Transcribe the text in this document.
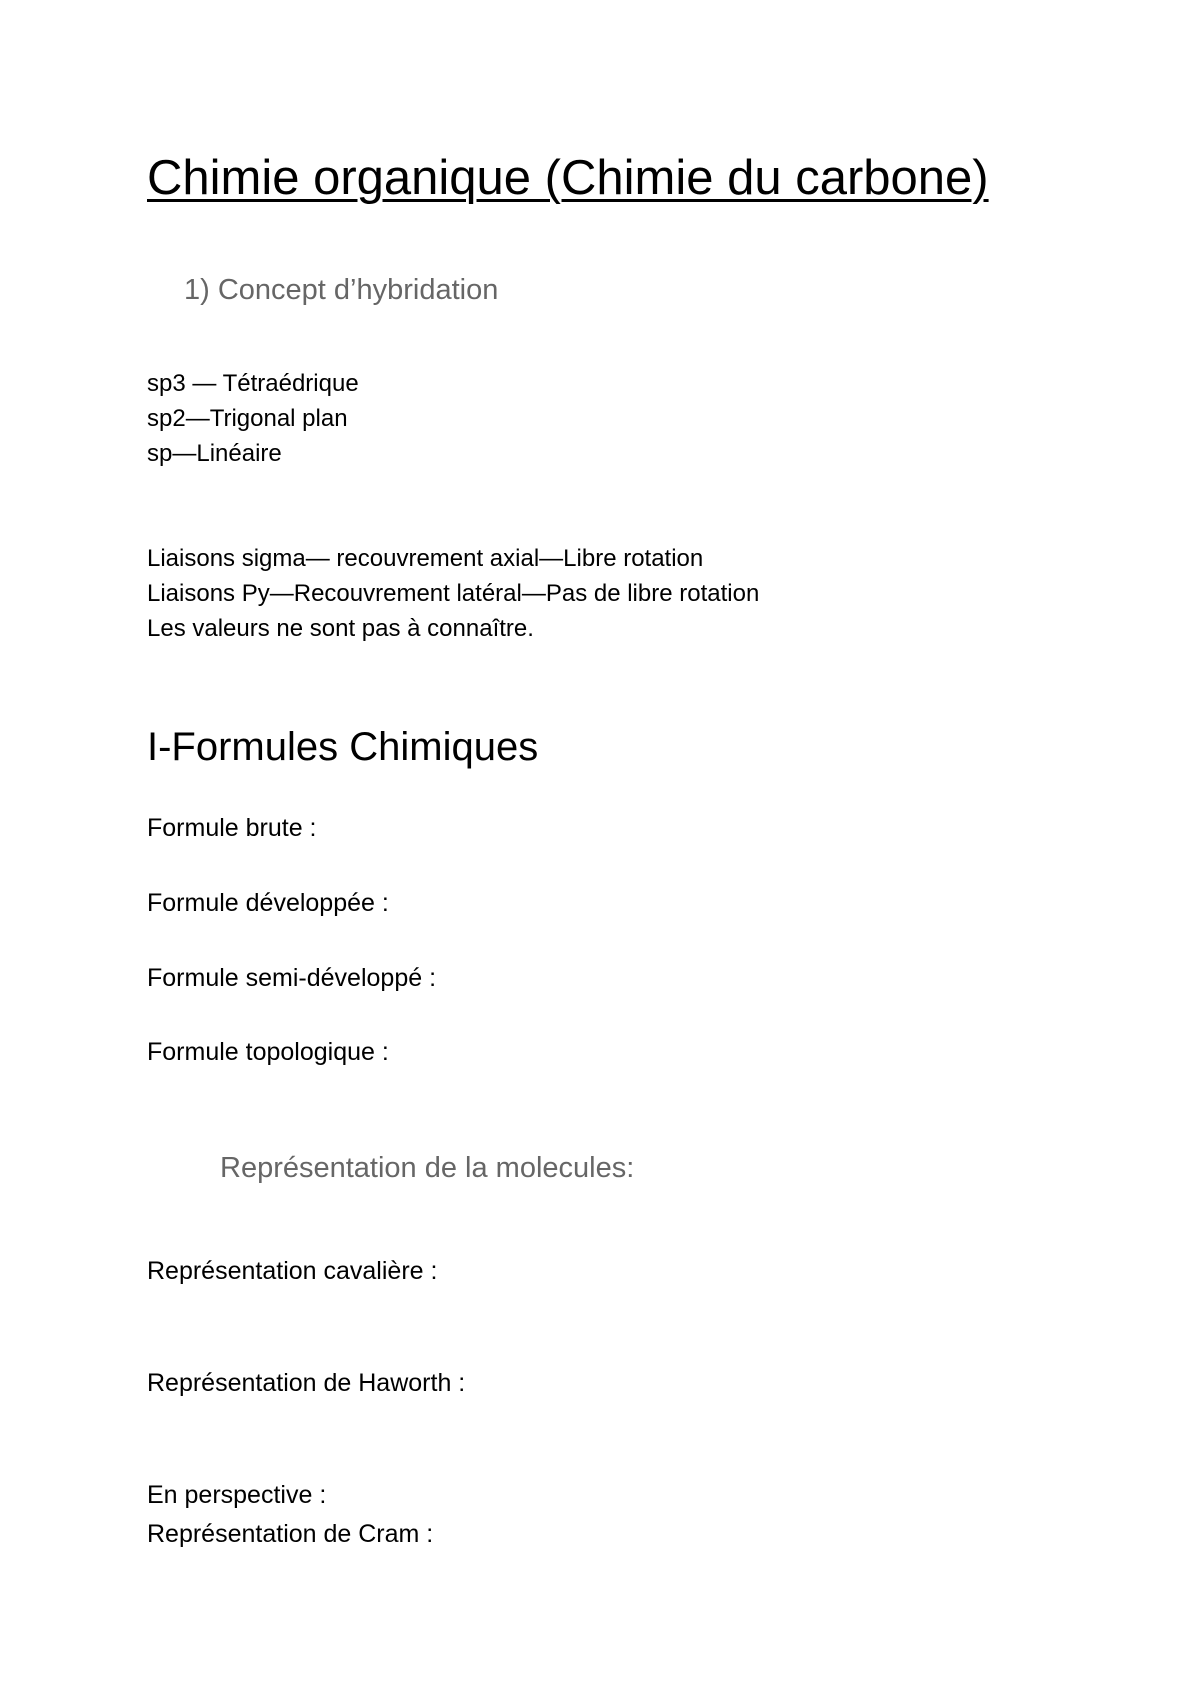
Chimie organique (Chimie du carbone)
1) Concept d’hybridation
sp3 — Tétraédrique
sp2—Trigonal plan
sp—Linéaire
Liaisons sigma— recouvrement axial—Libre rotation
Liaisons Py—Recouvrement latéral—Pas de libre rotation
Les valeurs ne sont pas à connaître.
I-Formules Chimiques
Formule brute :
Formule développée :
Formule semi-développé :
Formule topologique :
Représentation de la molecules:
Représentation cavalière :
Représentation de Haworth :
En perspective :
Représentation de Cram :
